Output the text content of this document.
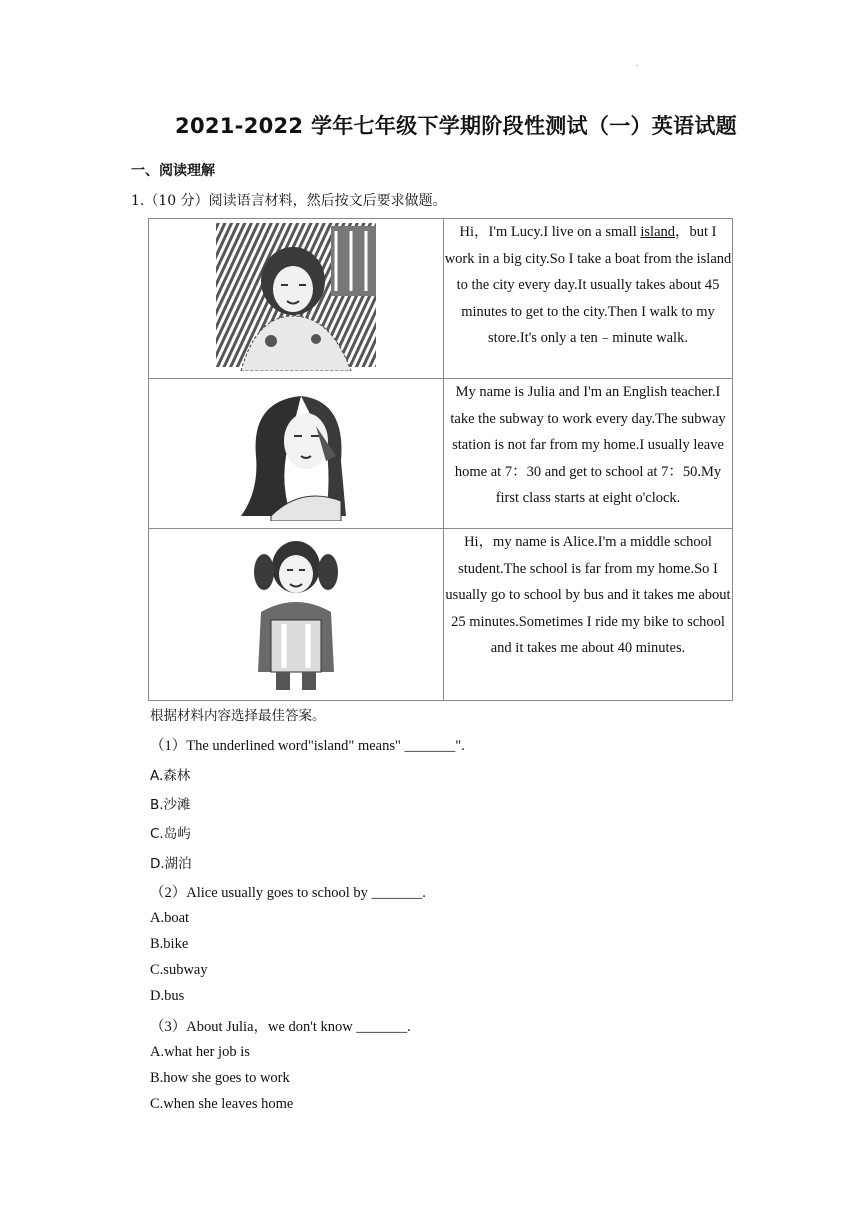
.
2021-2022 学年七年级下学期阶段性测试（一）英语试题
一、阅读理解
1.（10 分）阅读语言材料，然后按文后要求做题。
	Hi，I'm Lucy.I live on a small island，but I work in a big city.So I take a boat from the island to the city every day.It usually takes about 45 minutes to get to the city.Then I walk to my store.It's only a ten﹣minute walk.

	My name is Julia and I'm an English teacher.I take the subway to work every day.The subway station is not far from my home.I usually leave home at 7：30 and get to school at 7：50.My first class starts at eight o'clock.

	Hi，my name is Alice.I'm a middle school student.The school is far from my home.So I usually go to school by bus and it takes me about 25 minutes.Sometimes I ride my bike to school and it takes me about 40 minutes.
根据材料内容选择最佳答案。
（1）The underlined word"island" means" _______".
A.森林
B.沙滩
C.岛屿
D.湖泊
（2）Alice usually goes to school by _______.
A.boat
B.bike
C.subway
D.bus
（3）About Julia，we don't know _______.
A.what her job is
B.how she goes to work
C.when she leaves home
